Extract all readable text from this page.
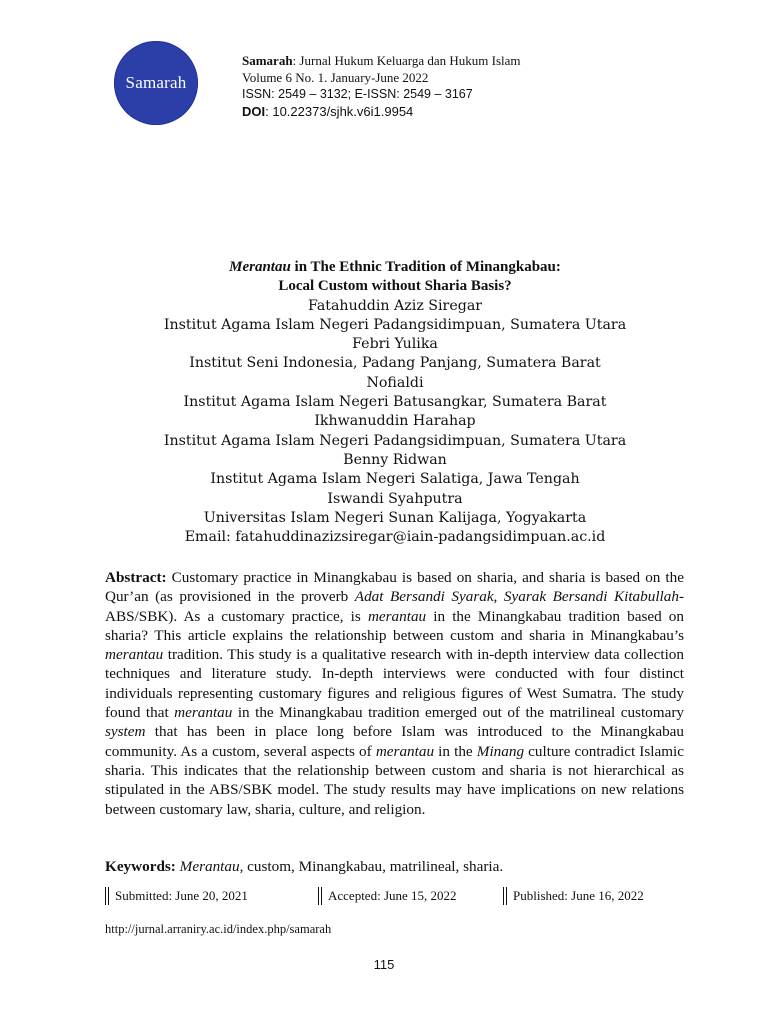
Samarah
Samarah: Jurnal Hukum Keluarga dan Hukum Islam
Volume 6 No. 1. January-June 2022
ISSN: 2549 – 3132; E-ISSN: 2549 – 3167
DOI: 10.22373/sjhk.v6i1.9954
Merantau in The Ethnic Tradition of Minangkabau:
Local Custom without Sharia Basis?
Fatahuddin Aziz Siregar
Institut Agama Islam Negeri Padangsidimpuan, Sumatera Utara
Febri Yulika
Institut Seni Indonesia, Padang Panjang, Sumatera Barat
Nofialdi
Institut Agama Islam Negeri Batusangkar, Sumatera Barat
Ikhwanuddin Harahap
Institut Agama Islam Negeri Padangsidimpuan, Sumatera Utara
Benny Ridwan
Institut Agama Islam Negeri Salatiga, Jawa Tengah
Iswandi Syahputra
Universitas Islam Negeri Sunan Kalijaga, Yogyakarta
Email: fatahuddinazizsiregar@iain-padangsidimpuan.ac.id
Abstract: Customary practice in Minangkabau is based on sharia, and sharia is based on the Qur’an (as provisioned in the proverb Adat Bersandi Syarak, Syarak Bersandi Kitabullah-ABS/SBK). As a customary practice, is merantau in the Minangkabau tradition based on sharia? This article explains the relationship between custom and sharia in Minangkabau’s merantau tradition. This study is a qualitative research with in-depth interview data collection techniques and literature study. In-depth interviews were conducted with four distinct individuals representing customary figures and religious figures of West Sumatra. The study found that merantau in the Minangkabau tradition emerged out of the matrilineal customary system that has been in place long before Islam was introduced to the Minangkabau community. As a custom, several aspects of merantau in the Minang culture contradict Islamic sharia. This indicates that the relationship between custom and sharia is not hierarchical as stipulated in the ABS/SBK model. The study results may have implications on new relations between customary law, sharia, culture, and religion.
Keywords: Merantau, custom, Minangkabau, matrilineal, sharia.
Submitted: June 20, 2021	Accepted: June 15, 2022	Published: June 16, 2022
http://jurnal.arraniry.ac.id/index.php/samarah
115
